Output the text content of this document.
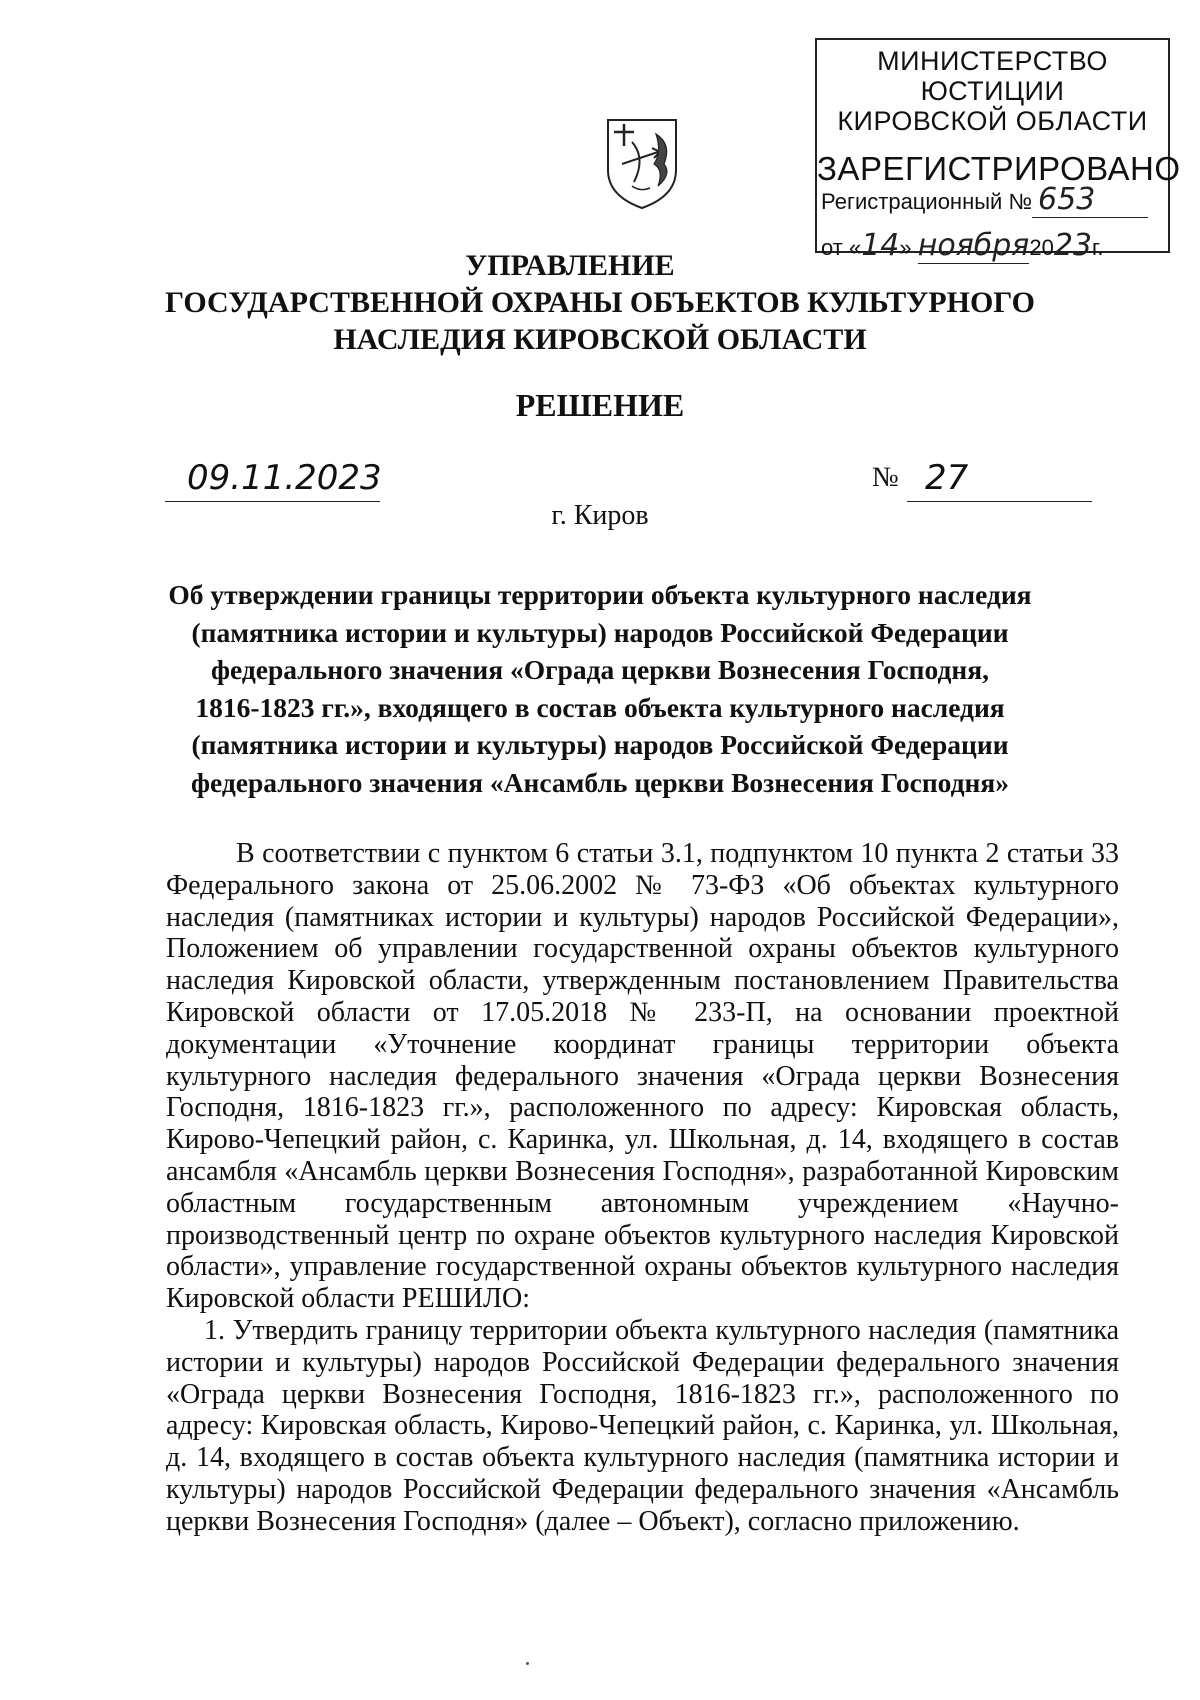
МИНИСТЕРСТВО ЮСТИЦИИ
КИРОВСКОЙ ОБЛАСТИ
ЗАРЕГИСТРИРОВАНО
Регистрационный № 653
от «14» ноября2023г.
УПРАВЛЕНИЕ
ГОСУДАРСТВЕННОЙ ОХРАНЫ ОБЪЕКТОВ КУЛЬТУРНОГО
НАСЛЕДИЯ КИРОВСКОЙ ОБЛАСТИ
РЕШЕНИЕ
09.11.2023	№ 27
г. Киров
Об утверждении границы территории объекта культурного наследия
(памятника истории и культуры) народов Российской Федерации
федерального значения «Ограда церкви Вознесения Господня,
1816-1823 гг.», входящего в состав объекта культурного наследия
(памятника истории и культуры) народов Российской Федерации
федерального значения «Ансамбль церкви Вознесения Господня»

В соответствии с пунктом 6 статьи 3.1, подпунктом 10 пункта 2 статьи 33 Федерального закона от 25.06.2002 № 73-ФЗ «Об объектах культурного наследия (памятниках истории и культуры) народов Российской Федерации», Положением об управлении государственной охраны объектов культурного наследия Кировской области, утвержденным постановлением Правительства Кировской области от 17.05.2018 № 233-П, на основании проектной документации «Уточнение координат границы территории объекта культурного наследия федерального значения «Ограда церкви Вознесения Господня, 1816-1823 гг.», расположенного по адресу: Кировская область, Кирово-Чепецкий район, с. Каринка, ул. Школьная, д. 14, входящего в состав ансамбля «Ансамбль церкви Вознесения Господня», разработанной Кировским областным государственным автономным учреждением «Научно-производственный центр по охране объектов культурного наследия Кировской области», управление государственной охраны объектов культурного наследия Кировской области РЕШИЛО:

1. Утвердить границу территории объекта культурного наследия (памятника истории и культуры) народов Российской Федерации федерального значения «Ограда церкви Вознесения Господня, 1816-1823 гг.», расположенного по адресу: Кировская область, Кирово-Чепецкий район, с. Каринка, ул. Школьная, д. 14, входящего в состав объекта культурного наследия (памятника истории и культуры) народов Российской Федерации федерального значения «Ансамбль церкви Вознесения Господня» (далее – Объект), согласно приложению.
